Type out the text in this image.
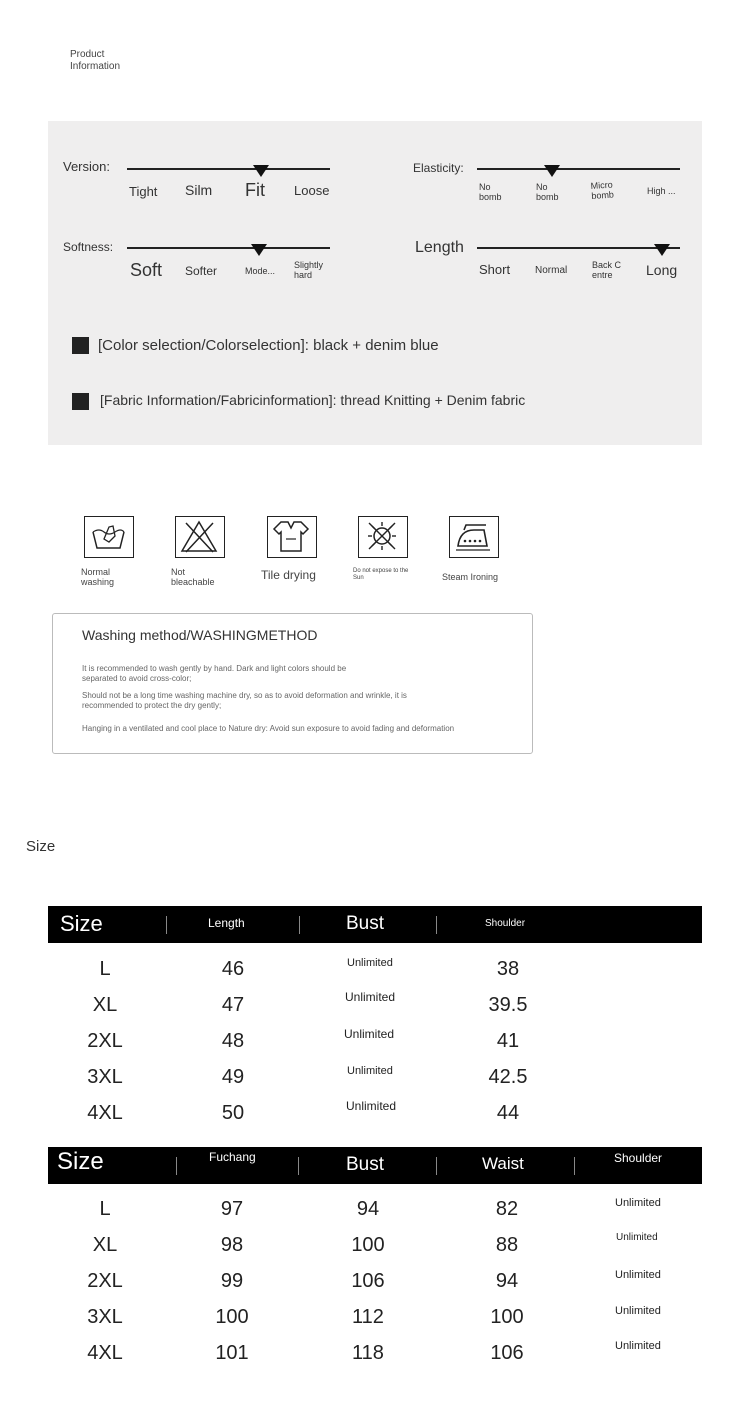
Product Information
Version:
Tight Silm Fit Loose
Elasticity:
No bomb
No bomb
Micro bomb	High ...
Softness:
Soft Softer	Mode...
Slightly hard
Length
Short Normal	Back C entre	Long
[Color selection/Colorselection]: black + denim blue
[Fabric Information/Fabricinformation]: thread Knitting + Denim fabric
Normal washing
Not bleachable	Tile drying	Do not expose to the Sun	Steam Ironing
Washing method/WASHINGMETHOD
It is recommended to wash gently by hand. Dark and light colors should be separated to avoid cross-color;
Should not be a long time washing machine dry, so as to avoid deformation and wrinkle, it is recommended to protect the dry gently;
Hanging in a ventilated and cool place to Nature dry: Avoid sun exposure to avoid fading and deformation
Size
Size	Length	Bust	Shoulder
L	46	Unlimited	38
XL	47	Unlimited	39.5
2XL	48	Unlimited	41
3XL	49	Unlimited	42.5
4XL	50	Unlimited	44
Size	Fuchang	Bust	Waist	Shoulder
L	97	94	82	Unlimited
XL	98	100	88	Unlimited
2XL	99	106	94	Unlimited
3XL	100	112	100	Unlimited
4XL	101	118	106	Unlimited
